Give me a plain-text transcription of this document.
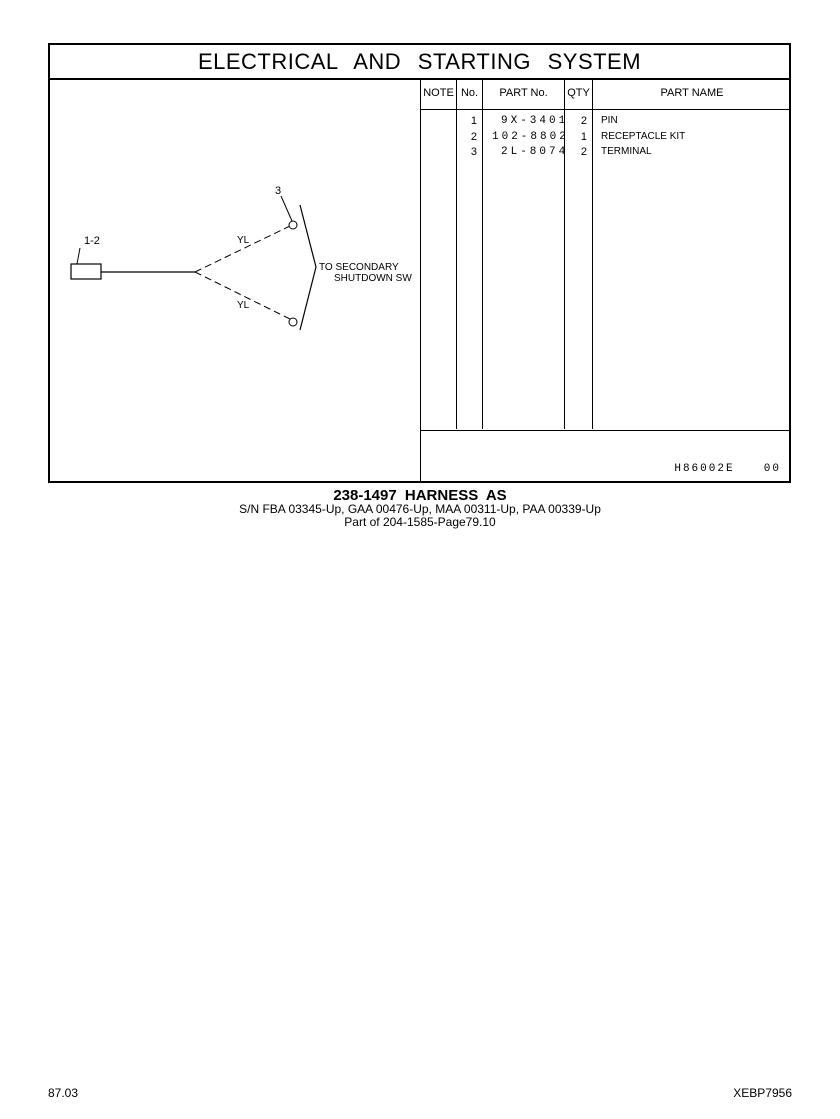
ELECTRICAL AND STARTING SYSTEM
1-2
3
YL
YL
TO SECONDARY
SHUTDOWN SW
NOTE No.	PART No.	QTY	PART NAME
1 9X-3401	2 PIN
2 102-8802	1 RECEPTACLE KIT
3 2L-8074	2 TERMINAL
H86002E	00
238-1497 HARNESS AS
S/N FBA 03345-Up, GAA 00476-Up, MAA 00311-Up, PAA 00339-Up
Part of 204-1585-Page79.10
87.03	XEBP7956
